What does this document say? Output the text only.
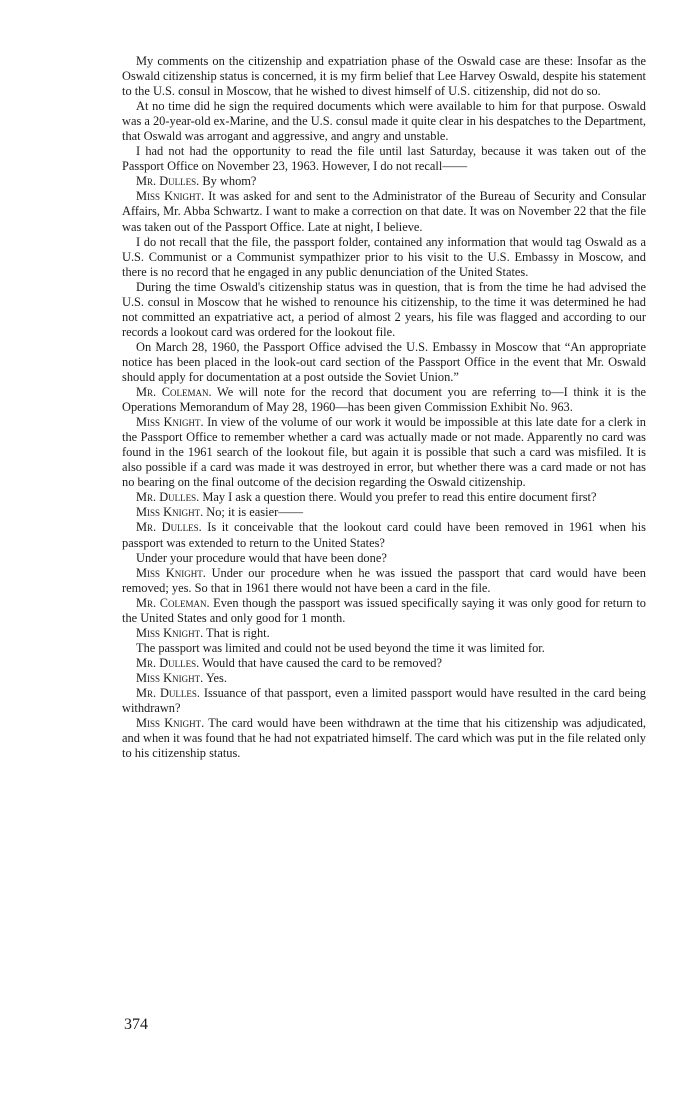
My comments on the citizenship and expatriation phase of the Oswald case are these: Insofar as the Oswald citizenship status is concerned, it is my firm belief that Lee Harvey Oswald, despite his statement to the U.S. consul in Moscow, that he wished to divest himself of U.S. citizenship, did not do so.

At no time did he sign the required documents which were available to him for that purpose. Oswald was a 20-year-old ex-Marine, and the U.S. consul made it quite clear in his despatches to the Department, that Oswald was arrogant and aggressive, and angry and unstable.

I had not had the opportunity to read the file until last Saturday, because it was taken out of the Passport Office on November 23, 1963. However, I do not recall——

Mr. Dulles. By whom?

Miss Knight. It was asked for and sent to the Administrator of the Bureau of Security and Consular Affairs, Mr. Abba Schwartz. I want to make a correction on that date. It was on November 22 that the file was taken out of the Passport Office. Late at night, I believe.

I do not recall that the file, the passport folder, contained any information that would tag Oswald as a U.S. Communist or a Communist sympathizer prior to his visit to the U.S. Embassy in Moscow, and there is no record that he engaged in any public denunciation of the United States.

During the time Oswald's citizenship status was in question, that is from the time he had advised the U.S. consul in Moscow that he wished to renounce his citizenship, to the time it was determined he had not committed an expatriative act, a period of almost 2 years, his file was flagged and according to our records a lookout card was ordered for the lookout file.

On March 28, 1960, the Passport Office advised the U.S. Embassy in Moscow that “An appropriate notice has been placed in the look-out card section of the Passport Office in the event that Mr. Oswald should apply for documentation at a post outside the Soviet Union.”

Mr. Coleman. We will note for the record that document you are referring to—I think it is the Operations Memorandum of May 28, 1960—has been given Commission Exhibit No. 963.

Miss Knight. In view of the volume of our work it would be impossible at this late date for a clerk in the Passport Office to remember whether a card was actually made or not made. Apparently no card was found in the 1961 search of the lookout file, but again it is possible that such a card was misfiled. It is also possible if a card was made it was destroyed in error, but whether there was a card made or not has no bearing on the final outcome of the decision regarding the Oswald citizenship.

Mr. Dulles. May I ask a question there. Would you prefer to read this entire document first?

Miss Knight. No; it is easier——

Mr. Dulles. Is it conceivable that the lookout card could have been removed in 1961 when his passport was extended to return to the United States?

Under your procedure would that have been done?

Miss Knight. Under our procedure when he was issued the passport that card would have been removed; yes. So that in 1961 there would not have been a card in the file.

Mr. Coleman. Even though the passport was issued specifically saying it was only good for return to the United States and only good for 1 month.

Miss Knight. That is right.

The passport was limited and could not be used beyond the time it was limited for.

Mr. Dulles. Would that have caused the card to be removed?

Miss Knight. Yes.

Mr. Dulles. Issuance of that passport, even a limited passport would have resulted in the card being withdrawn?

Miss Knight. The card would have been withdrawn at the time that his citizenship was adjudicated, and when it was found that he had not expatriated himself. The card which was put in the file related only to his citizenship status.

374
